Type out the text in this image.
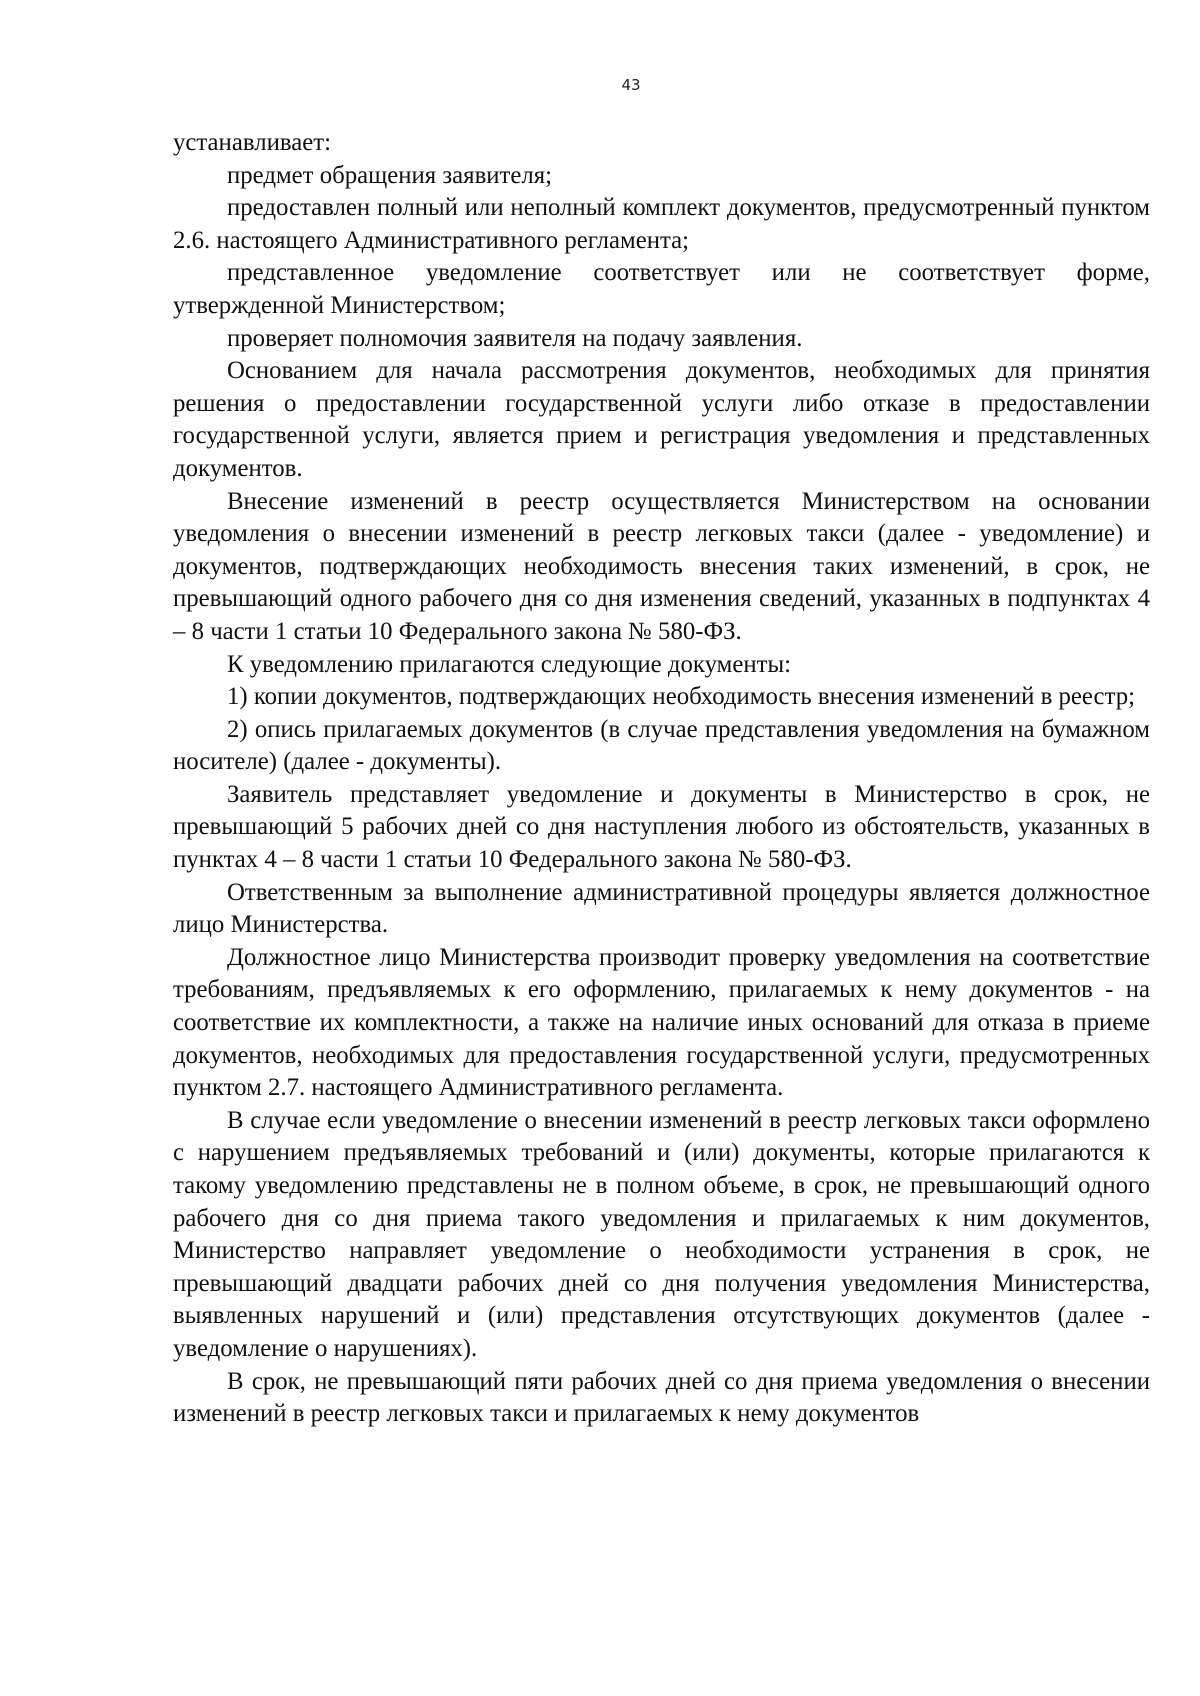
43

устанавливает:

предмет обращения заявителя;

предоставлен полный или неполный комплект документов, предусмотренный пунктом 2.6. настоящего Административного регламента;

представленное уведомление соответствует или не соответствует форме, утвержденной Министерством;

проверяет полномочия заявителя на подачу заявления.

Основанием для начала рассмотрения документов, необходимых для принятия решения о предоставлении государственной услуги либо отказе в предоставлении государственной услуги, является прием и регистрация уведомления и представленных документов.

Внесение изменений в реестр осуществляется Министерством на основании уведомления о внесении изменений в реестр легковых такси (далее - уведомление) и документов, подтверждающих необходимость внесения таких изменений, в срок, не превышающий одного рабочего дня со дня изменения сведений, указанных в подпунктах 4 – 8 части 1 статьи 10 Федерального закона № 580-ФЗ.

К уведомлению прилагаются следующие документы:

1) копии документов, подтверждающих необходимость внесения изменений в реестр;

2) опись прилагаемых документов (в случае представления уведомления на бумажном носителе) (далее - документы).

Заявитель представляет уведомление и документы в Министерство в срок, не превышающий 5 рабочих дней со дня наступления любого из обстоятельств, указанных в пунктах 4 – 8 части 1 статьи 10 Федерального закона № 580-ФЗ.

Ответственным за выполнение административной процедуры является должностное лицо Министерства.

Должностное лицо Министерства производит проверку уведомления на соответствие требованиям, предъявляемых к его оформлению, прилагаемых к нему документов - на соответствие их комплектности, а также на наличие иных оснований для отказа в приеме документов, необходимых для предоставления государственной услуги, предусмотренных пунктом 2.7. настоящего Административного регламента.

В случае если уведомление о внесении изменений в реестр легковых такси оформлено с нарушением предъявляемых требований и (или) документы, которые прилагаются к такому уведомлению представлены не в полном объеме, в срок, не превышающий одного рабочего дня со дня приема такого уведомления и прилагаемых к ним документов, Министерство направляет уведомление о необходимости устранения в срок, не превышающий двадцати рабочих дней со дня получения уведомления Министерства, выявленных нарушений и (или) представления отсутствующих документов (далее - уведомление о нарушениях).

В срок, не превышающий пяти рабочих дней со дня приема уведомления о внесении изменений в реестр легковых такси и прилагаемых к нему документов
